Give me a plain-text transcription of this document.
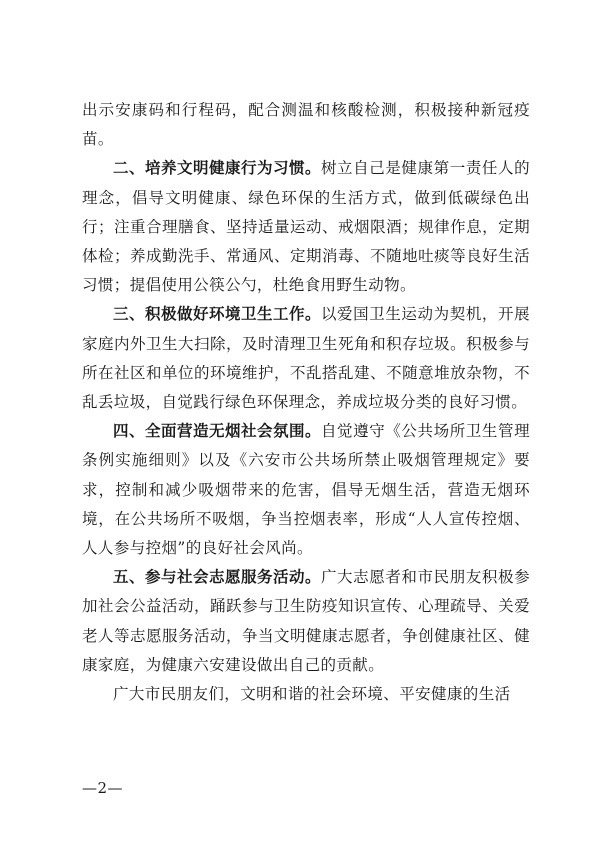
出示安康码和行程码，配合测温和核酸检测，积极接种新冠疫苗。

二、培养文明健康行为习惯。树立自己是健康第一责任人的理念，倡导文明健康、绿色环保的生活方式，做到低碳绿色出行；注重合理膳食、坚持适量运动、戒烟限酒；规律作息，定期体检；养成勤洗手、常通风、定期消毒、不随地吐痰等良好生活习惯；提倡使用公筷公勺，杜绝食用野生动物。

三、积极做好环境卫生工作。以爱国卫生运动为契机，开展家庭内外卫生大扫除，及时清理卫生死角和积存垃圾。积极参与所在社区和单位的环境维护，不乱搭乱建、不随意堆放杂物，不乱丢垃圾，自觉践行绿色环保理念，养成垃圾分类的良好习惯。

四、全面营造无烟社会氛围。自觉遵守《公共场所卫生管理条例实施细则》以及《六安市公共场所禁止吸烟管理规定》要求，控制和减少吸烟带来的危害，倡导无烟生活，营造无烟环境，在公共场所不吸烟，争当控烟表率，形成“人人宣传控烟、人人参与控烟”的良好社会风尚。

五、参与社会志愿服务活动。广大志愿者和市民朋友积极参加社会公益活动，踊跃参与卫生防疫知识宣传、心理疏导、关爱老人等志愿服务活动，争当文明健康志愿者，争创健康社区、健康家庭，为健康六安建设做出自己的贡献。

广大市民朋友们，文明和谐的社会环境、平安健康的生活

—2—
